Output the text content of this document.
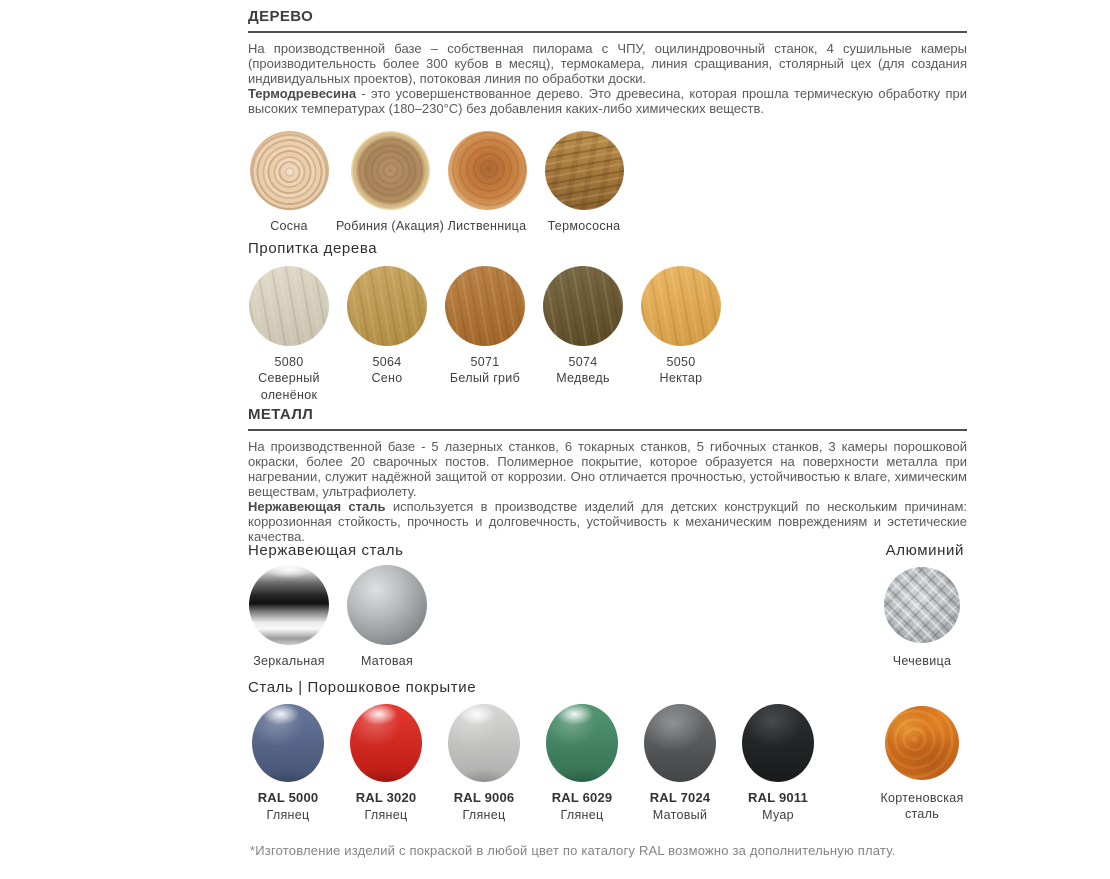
ДЕРЕВО

На производственной базе – собственная пилорама с ЧПУ, оцилиндровочный станок, 4 сушильные камеры (производительность более 300 кубов в месяц), термокамера, линия сращивания, столярный цех (для создания индивидуальных проектов), потоковая линия по обработки доски.

Термодревесина - это усовершенствованное дерево. Это древесина, которая прошла термическую обработку при высоких температурах (180–230°С) без добавления каких-либо химических веществ.

Сосна	Робиния (Акация) Лиственница	Термососна
Пропитка дерева
5080
Северный оленёнок
5064
Сено
5071
Белый гриб
5074
Медведь
5050
Нектар
МЕТАЛЛ

На производственной базе - 5 лазерных станков, 6 токарных станков, 5 гибочных станков, 3 камеры порошковой окраски, более 20 сварочных постов. Полимерное покрытие, которое образуется на поверхности металла при нагревании, служит надёжной защитой от коррозии. Оно отличается прочностью, устойчивостью к влаге, химическим веществам, ультрафиолету.

Нержавеющая сталь используется в производстве изделий для детских конструкций по нескольким причинам: коррозионная стойкость, прочность и долговечность, устойчивость к механическим повреждениям и эстетические качества.

Нержавеющая сталь	Алюминий
Зеркальная	Матовая	Чечевица
Сталь | Порошковое покрытие
RAL 5000
Глянец
RAL 3020
Глянец
RAL 9006
Глянец
RAL 6029
Глянец
RAL 7024
Матовый
RAL 9011
Муар
Кортеновская сталь
*Изготовление изделий с покраской в любой цвет по каталогу RAL возможно за дополнительную плату.
